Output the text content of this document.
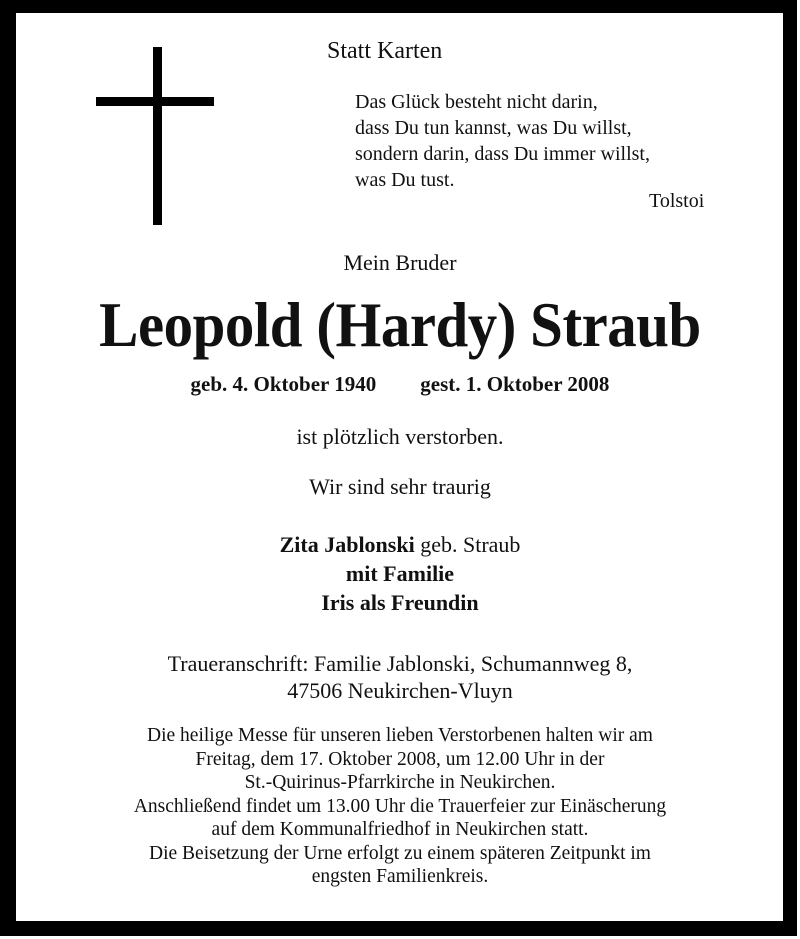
Statt Karten
Das Glück besteht nicht darin,
dass Du tun kannst, was Du willst,
sondern darin, dass Du immer willst,
was Du tust.
Tolstoi
Mein Bruder
Leopold (Hardy) Straub
geb. 4. Oktober 1940 gest. 1. Oktober 2008
ist plötzlich verstorben.
Wir sind sehr traurig
Zita Jablonski geb. Straub
mit Familie
Iris als Freundin
Traueranschrift: Familie Jablonski, Schumannweg 8,
47506 Neukirchen-Vluyn
Die heilige Messe für unseren lieben Verstorbenen halten wir am
Freitag, dem 17. Oktober 2008, um 12.00 Uhr in der
St.-Quirinus-Pfarrkirche in Neukirchen.
Anschließend findet um 13.00 Uhr die Trauerfeier zur Einäscherung
auf dem Kommunalfriedhof in Neukirchen statt.
Die Beisetzung der Urne erfolgt zu einem späteren Zeitpunkt im
engsten Familienkreis.
